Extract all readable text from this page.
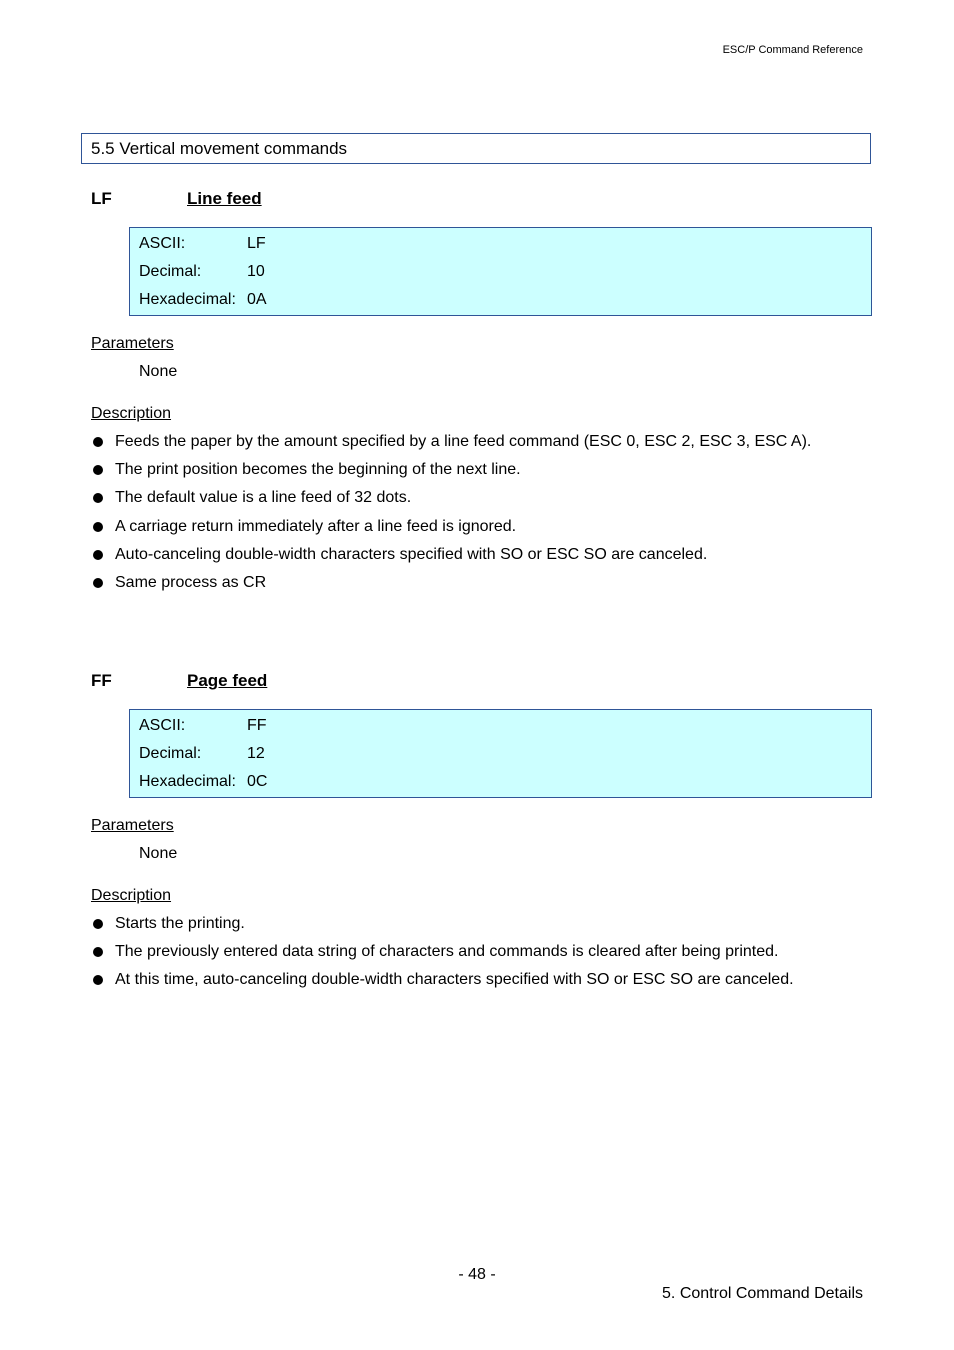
ESC/P Command Reference
5.5 Vertical movement commands
LF	Line feed
ASCII:	LF
Decimal:	10
Hexadecimal: 0A
Parameters
None
Description
Feeds the paper by the amount specified by a line feed command (ESC 0, ESC 2, ESC 3, ESC A).
The print position becomes the beginning of the next line.
The default value is a line feed of 32 dots.
A carriage return immediately after a line feed is ignored.
Auto-canceling double-width characters specified with SO or ESC SO are canceled.
Same process as CR
FF	Page feed
ASCII:	FF
Decimal:	12
Hexadecimal: 0C
Parameters
None
Description
Starts the printing.
The previously entered data string of characters and commands is cleared after being printed.
At this time, auto-canceling double-width characters specified with SO or ESC SO are canceled.
- 48 -
5. Control Command Details
